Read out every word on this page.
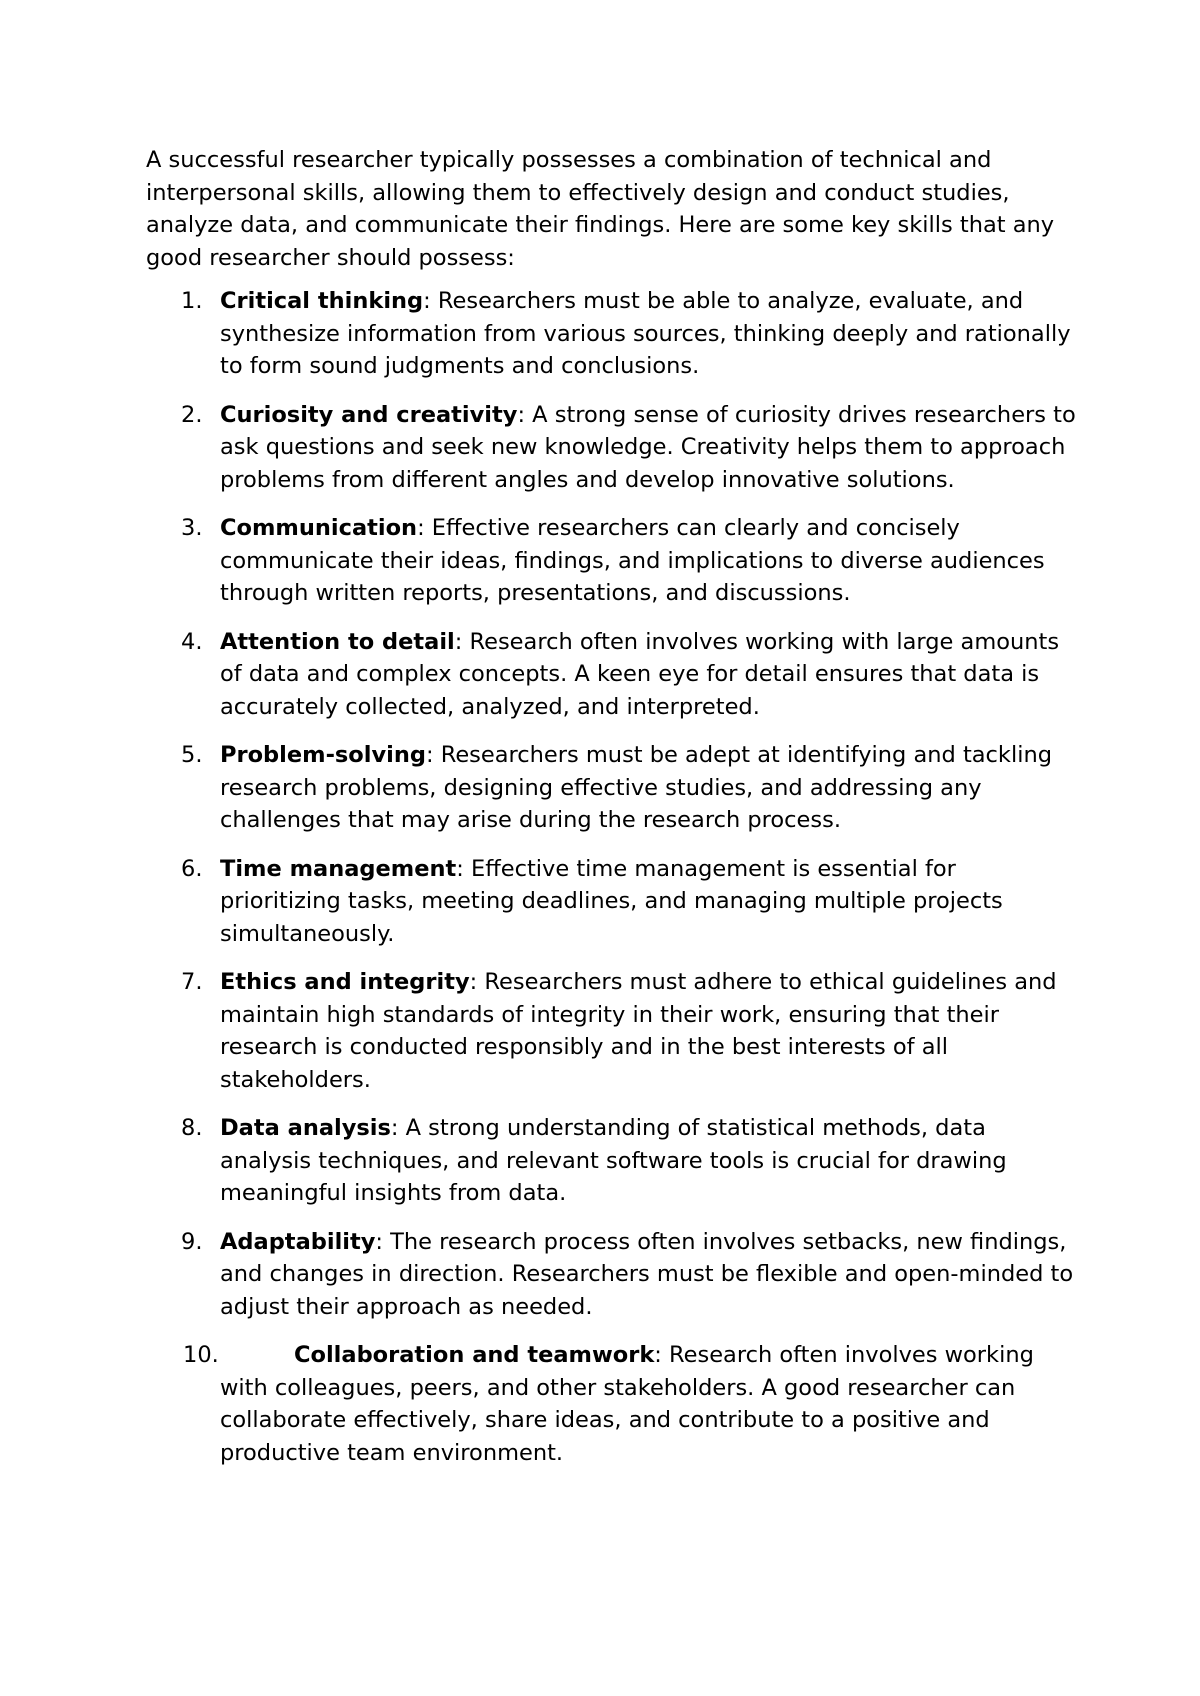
A successful researcher typically possesses a combination of technical and interpersonal skills, allowing them to effectively design and conduct studies, analyze data, and communicate their findings. Here are some key skills that any good researcher should possess:

1. Critical thinking: Researchers must be able to analyze, evaluate, and synthesize information from various sources, thinking deeply and rationally to form sound judgments and conclusions.
2. Curiosity and creativity: A strong sense of curiosity drives researchers to ask questions and seek new knowledge. Creativity helps them to approach problems from different angles and develop innovative solutions.
3. Communication: Effective researchers can clearly and concisely communicate their ideas, findings, and implications to diverse audiences through written reports, presentations, and discussions.
4. Attention to detail: Research often involves working with large amounts of data and complex concepts. A keen eye for detail ensures that data is accurately collected, analyzed, and interpreted.
5. Problem-solving: Researchers must be adept at identifying and tackling research problems, designing effective studies, and addressing any challenges that may arise during the research process.
6. Time management: Effective time management is essential for prioritizing tasks, meeting deadlines, and managing multiple projects simultaneously.
7. Ethics and integrity: Researchers must adhere to ethical guidelines and maintain high standards of integrity in their work, ensuring that their research is conducted responsibly and in the best interests of all stakeholders.
8. Data analysis: A strong understanding of statistical methods, data analysis techniques, and relevant software tools is crucial for drawing meaningful insights from data.
9. Adaptability: The research process often involves setbacks, new findings, and changes in direction. Researchers must be flexible and open-minded to adjust their approach as needed.
10.	Collaboration and teamwork: Research often involves working with colleagues, peers, and other stakeholders. A good researcher can collaborate effectively, share ideas, and contribute to a positive and productive team environment.
